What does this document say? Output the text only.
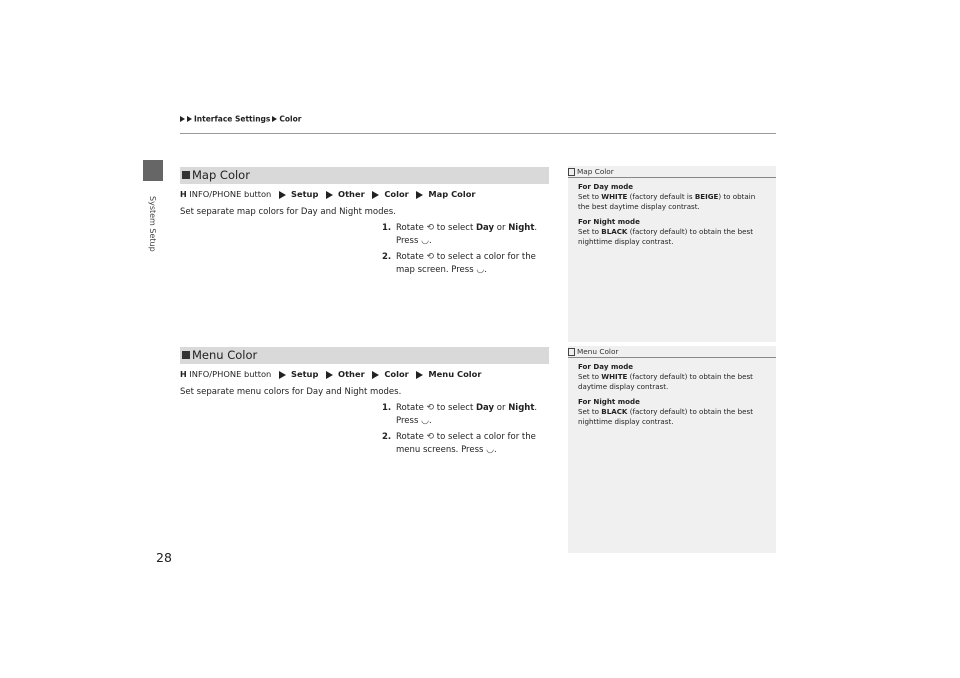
Interface Settings Color
System Setup
Map Color
H INFO/PHONE button Setup Other Color Map Color
Set separate map colors for Day and Night modes.
1. Rotate ⟲ to select Day or Night.
Press ◡.
2. Rotate ⟲ to select a color for the
map screen. Press ◡.
Map Color

For Day mode
Set to WHITE (factory default is BEIGE) to obtain
the best daytime display contrast.

For Night mode
Set to BLACK (factory default) to obtain the best
nighttime display contrast.

Menu Color
H INFO/PHONE button Setup Other Color Menu Color
Set separate menu colors for Day and Night modes.
1. Rotate ⟲ to select Day or Night.
Press ◡.
2. Rotate ⟲ to select a color for the
menu screens. Press ◡.
Menu Color

For Day mode
Set to WHITE (factory default) to obtain the best
daytime display contrast.

For Night mode
Set to BLACK (factory default) to obtain the best
nighttime display contrast.

28
